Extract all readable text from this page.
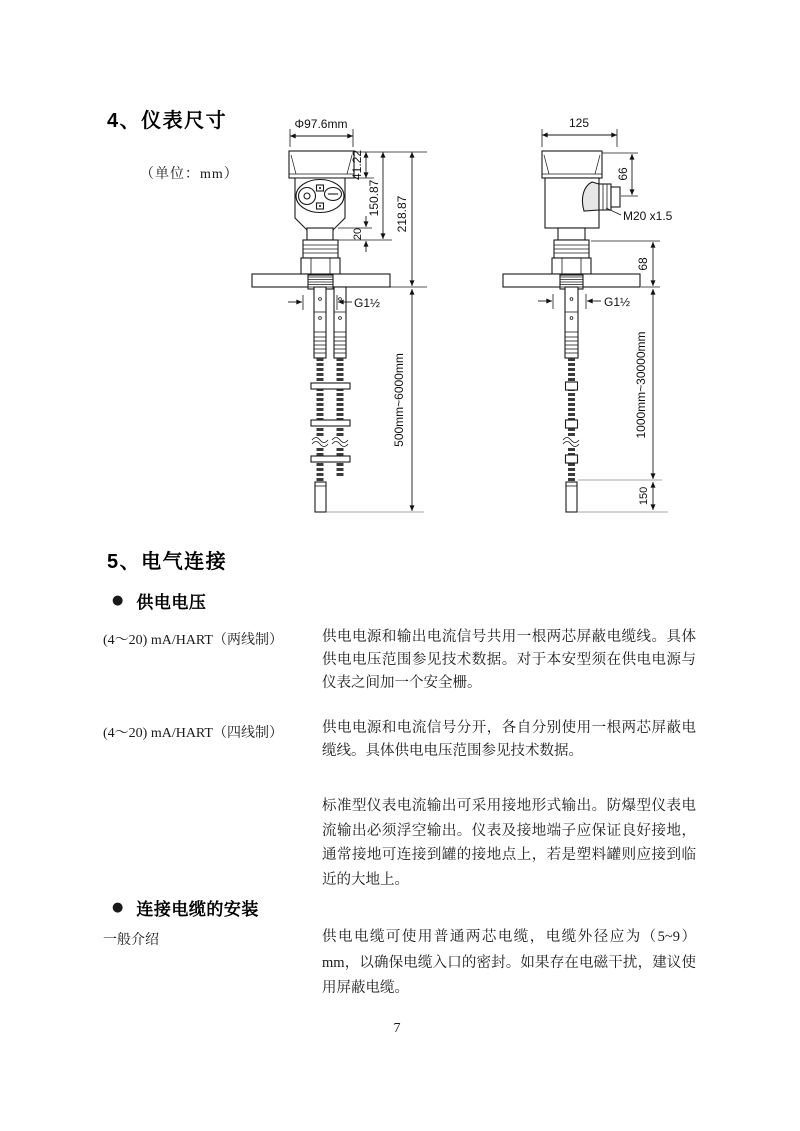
4、仪表尺寸
（单位：mm）
Φ97.6mm
41.22
150.87
20
218.87
G1½
500mm~6000mm
125
66
M20 x1.5
G1½
68
1000mm~30000mm
150
5、电气连接
● 供电电压
(4～20) mA/HART（两线制）	供电电源和输出电流信号共用一根两芯屏蔽电缆线。具体供电电压范围参见技术数据。对于本安型须在供电电源与仪表之间加一个安全栅。
(4～20) mA/HART（四线制）	供电电源和电流信号分开，各自分别使用一根两芯屏蔽电缆线。具体供电电压范围参见技术数据。
标准型仪表电流输出可采用接地形式输出。防爆型仪表电流输出必须浮空输出。仪表及接地端子应保证良好接地，通常接地可连接到罐的接地点上，若是塑料罐则应接到临近的大地上。
● 连接电缆的安装
一般介绍	供电电缆可使用普通两芯电缆，电缆外径应为（5~9）mm，以确保电缆入口的密封。如果存在电磁干扰，建议使用屏蔽电缆。
7
